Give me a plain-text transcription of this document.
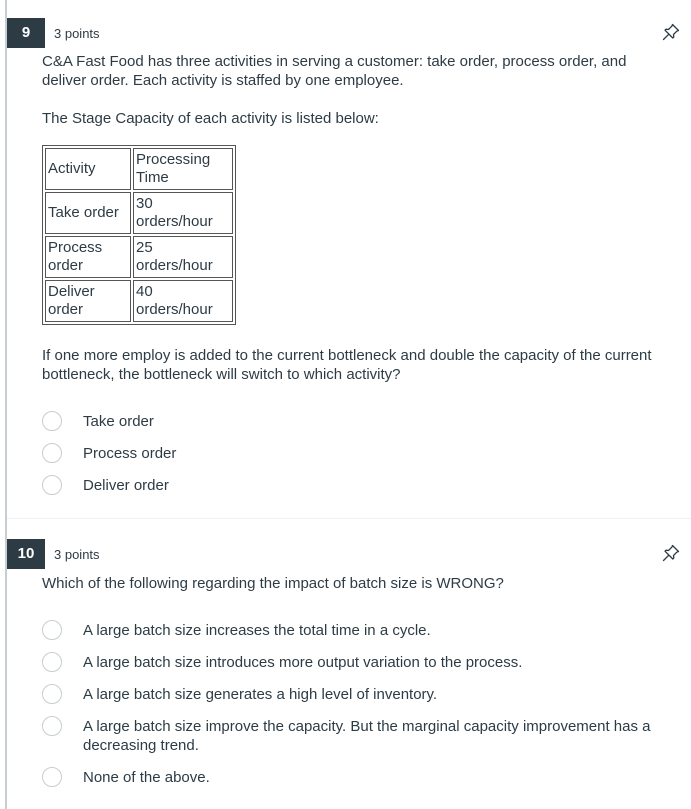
9	3 points
C&A Fast Food has three activities in serving a customer: take order, process order, and deliver order. Each activity is staffed by one employee.
The Stage Capacity of each activity is listed below:
Activity	Processing Time
Take order	30 orders/hour
Process order	25 orders/hour
Deliver order	40 orders/hour
If one more employ is added to the current bottleneck and double the capacity of the current bottleneck, the bottleneck will switch to which activity?
Take order
Process order
Deliver order
10	3 points
Which of the following regarding the impact of batch size is WRONG?
A large batch size increases the total time in a cycle.
A large batch size introduces more output variation to the process.
A large batch size generates a high level of inventory.
A large batch size improve the capacity. But the marginal capacity improvement has a decreasing trend.
None of the above.
